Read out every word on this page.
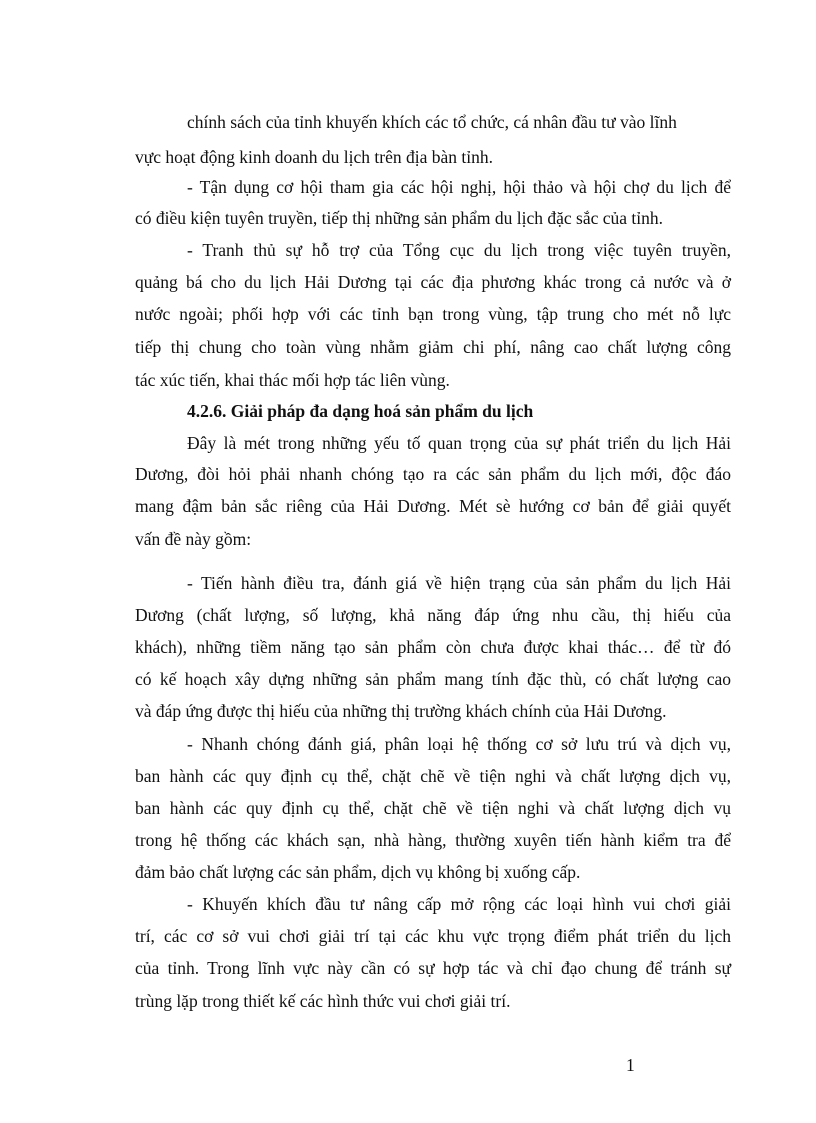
chính sách của tỉnh khuyến khích các tổ chức, cá nhân đầu tư vào lĩnh
vực hoạt động kinh doanh du lịch trên địa bàn tỉnh.
- Tận dụng cơ hội tham gia các hội nghị, hội thảo và hội chợ du lịch để
có điều kiện tuyên truyền, tiếp thị những sản phẩm du lịch đặc sắc của tỉnh.
- Tranh thủ sự hỗ trợ của Tổng cục du lịch trong việc tuyên truyền,
quảng bá cho du lịch Hải Dương tại các địa phương khác trong cả nước và ở
nước ngoài; phối hợp với các tỉnh bạn trong vùng, tập trung cho mét nỗ lực
tiếp thị chung cho toàn vùng nhằm giảm chi phí, nâng cao chất lượng công
tác xúc tiến, khai thác mối hợp tác liên vùng.
4.2.6. Giải pháp đa dạng hoá sản phẩm du lịch
Đây là mét trong những yếu tố quan trọng của sự phát triển du lịch Hải
Dương, đòi hỏi phải nhanh chóng tạo ra các sản phẩm du lịch mới, độc đáo
mang đậm bản sắc riêng của Hải Dương. Mét sè hướng cơ bản để giải quyết
vấn đề này gồm:
- Tiến hành điều tra, đánh giá về hiện trạng của sản phẩm du lịch Hải
Dương (chất lượng, số lượng, khả năng đáp ứng nhu cầu, thị hiếu của
khách), những tiềm năng tạo sản phẩm còn chưa được khai thác… để từ đó
có kế hoạch xây dựng những sản phẩm mang tính đặc thù, có chất lượng cao
và đáp ứng được thị hiếu của những thị trường khách chính của Hải Dương.
- Nhanh chóng đánh giá, phân loại hệ thống cơ sở lưu trú và dịch vụ,
ban hành các quy định cụ thể, chặt chẽ về tiện nghi và chất lượng dịch vụ,
ban hành các quy định cụ thể, chặt chẽ về tiện nghi và chất lượng dịch vụ
trong hệ thống các khách sạn, nhà hàng, thường xuyên tiến hành kiểm tra để
đảm bảo chất lượng các sản phẩm, dịch vụ không bị xuống cấp.
- Khuyến khích đầu tư nâng cấp mở rộng các loại hình vui chơi giải
trí, các cơ sở vui chơi giải trí tại các khu vực trọng điểm phát triển du lịch
của tỉnh. Trong lĩnh vực này cần có sự hợp tác và chỉ đạo chung để tránh sự
trùng lặp trong thiết kế các hình thức vui chơi giải trí.
1
